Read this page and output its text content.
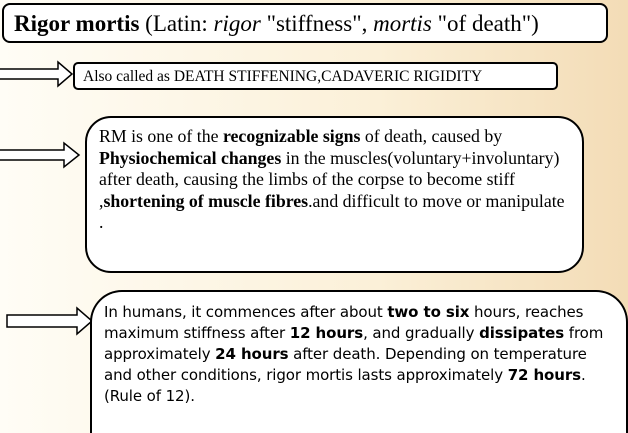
Rigor mortis (Latin: rigor "stiffness", mortis "of death")
Also called as DEATH STIFFENING,CADAVERIC RIGIDITY
RM is one of the recognizable signs of death, caused by Physiochemical changes in the muscles(voluntary+involuntary) after death, causing the limbs of the corpse to become stiff ,shortening of muscle fibres.and difficult to move or manipulate .
In humans, it commences after about two to six hours, reaches maximum stiffness after 12 hours, and gradually dissipates from approximately 24 hours after death. Depending on temperature and other conditions, rigor mortis lasts approximately 72 hours.(Rule of 12).
